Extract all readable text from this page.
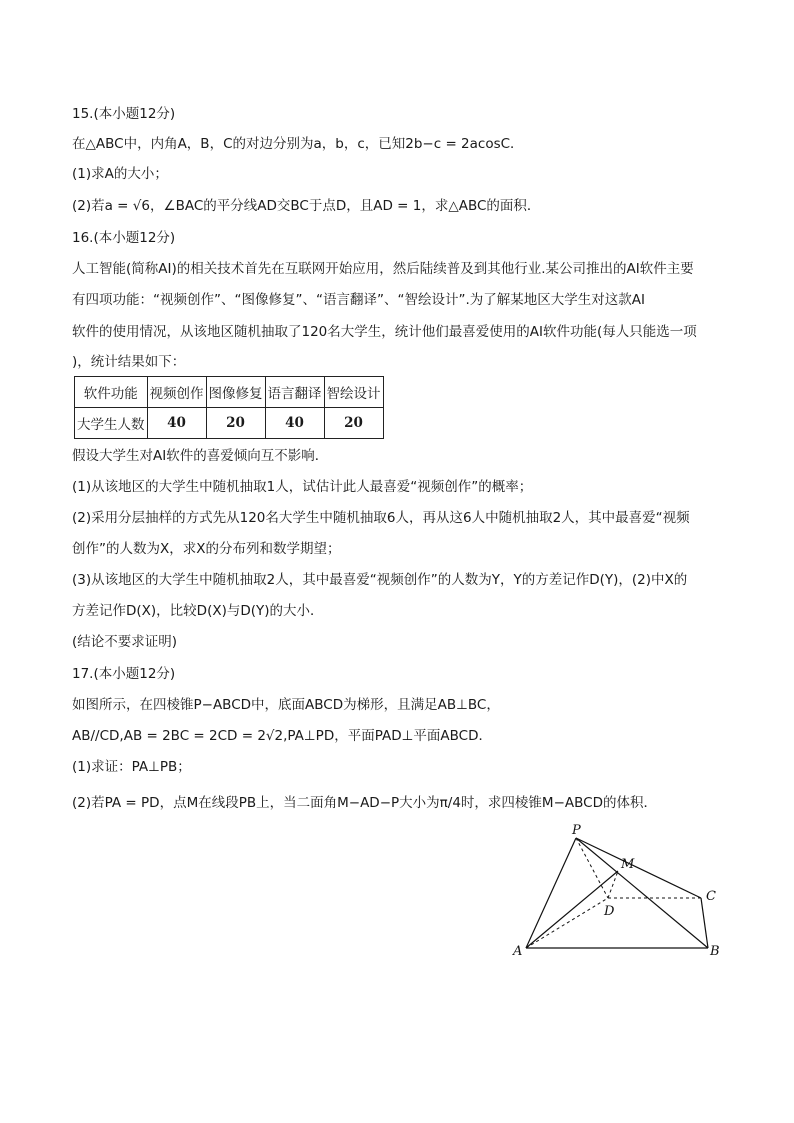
15.(本小题12分)
在△ABC中，内角A，B，C的对边分别为a，b，c，已知2b−c = 2acosC．
(1)求A的大小；
(2)若a = √6，∠BAC的平分线AD交BC于点D，且AD = 1，求△ABC的面积．
16.(本小题12分)
人工智能(简称AI)的相关技术首先在互联网开始应用，然后陆续普及到其他行业.某公司推出的AI软件主要
有四项功能：“视频创作”、“图像修复”、“语言翻译”、“智绘设计”.为了解某地区大学生对这款AI
软件的使用情况，从该地区随机抽取了120名大学生，统计他们最喜爱使用的AI软件功能(每人只能选一项
)，统计结果如下：
软件功能	视频创作	图像修复	语言翻译	智绘设计
大学生人数	40	20	40	20
假设大学生对AI软件的喜爱倾向互不影响．
(1)从该地区的大学生中随机抽取1人，试估计此人最喜爱“视频创作”的概率；
(2)采用分层抽样的方式先从120名大学生中随机抽取6人，再从这6人中随机抽取2人，其中最喜爱“视频
创作”的人数为X，求X的分布列和数学期望；
(3)从该地区的大学生中随机抽取2人，其中最喜爱“视频创作”的人数为Y，Y的方差记作D(Y)，(2)中X的
方差记作D(X)，比较D(X)与D(Y)的大小．
(结论不要求证明)
17.(本小题12分)
如图所示，在四棱锥P−ABCD中，底面ABCD为梯形，且满足AB⊥BC，
AB//CD,AB = 2BC = 2CD = 2√2,PA⊥PD，平面PAD⊥平面ABCD．
(1)求证：PA⊥PB；
(2)若PA = PD，点M在线段PB上，当二面角M−AD−P大小为π/4时，求四棱锥M−ABCD的体积．
P
M
C
D
A	B
